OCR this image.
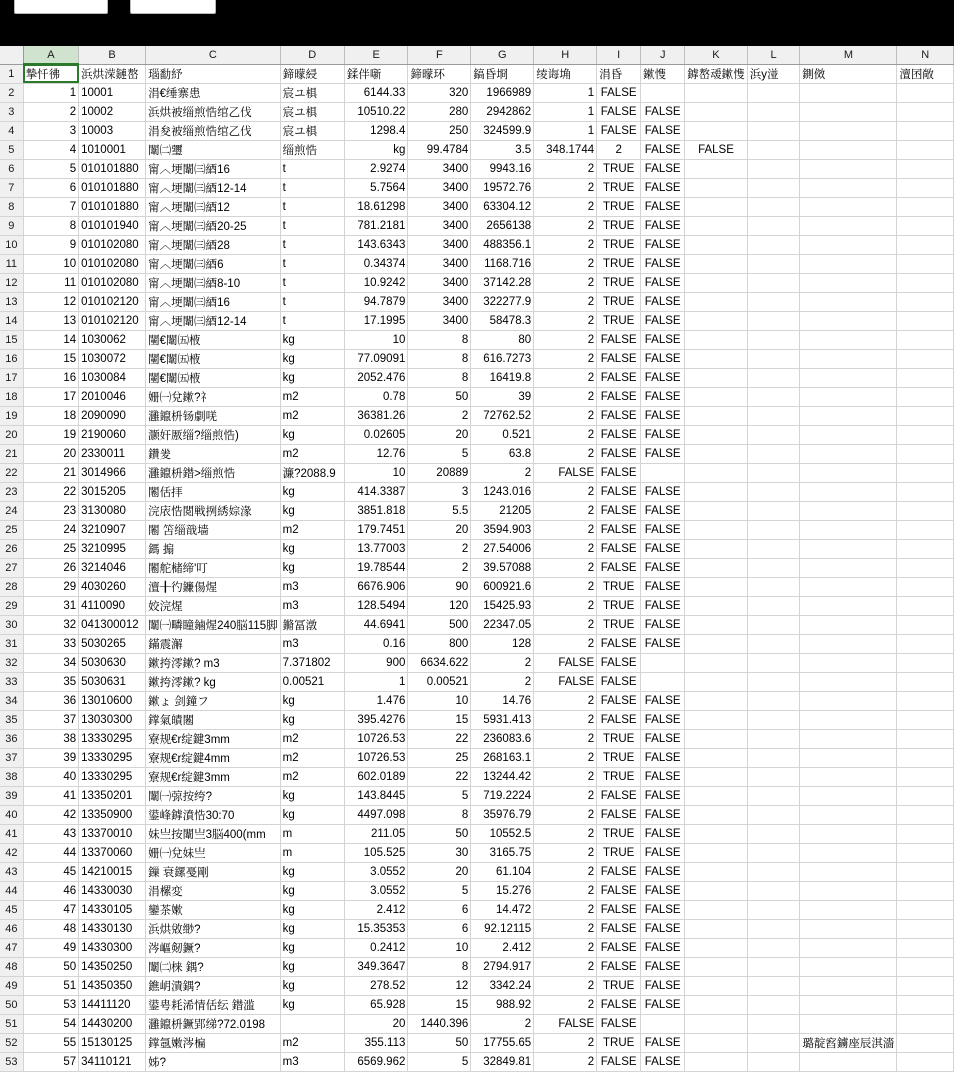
	A	B	C	D	E	F	G	H	I	J	K	L	M	N
1	摯忏彿	浜烘溁鏈嶅	瑙勫紓	鍗曚綅	鍒伴噺	鍗曚环	鎬昏埛	绫诲埆	涓昏	鏉愯	鎼嶅叆鏉愯	浜у湴	鍘傚	澶囨敞
2	1	10001	涓€缍寨患	宸ユ椇	6144.33	320	1966989	1	FALSE					
3	2	10002	浜烘被缁煎悎绾乙伐	宸ユ椇	10510.22	280	2942862	1	FALSE	FALSE				
4	3	10003	涓夋被缁煎悎绾乙伐	宸ユ椇	1298.4	250	324599.9	1	FALSE	FALSE				
5	4	1010001	闈㈡瓕	缁煎悎	kg	99.4784	3.5	348.1744	2	FALSE	FALSE			
6	5	010101880	甯︿埂闈㈢綇16	t	2.9274	3400	9943.16	2	TRUE	FALSE				
7	6	010101880	甯︿埂闈㈢綇12-14	t	5.7564	3400	19572.76	2	TRUE	FALSE				
8	7	010101880	甯︿埂闈㈢綇12	t	18.61298	3400	63304.12	2	TRUE	FALSE				
9	8	010101940	甯︿埂闈㈢綇20-25	t	781.2181	3400	2656138	2	TRUE	FALSE				
10	9	010102080	甯︿埂闈㈢綇28	t	143.6343	3400	488356.1	2	TRUE	FALSE				
11	10	010102080	甯︿埂闈㈢綇6	t	0.34374	3400	1168.716	2	TRUE	FALSE				
12	11	010102080	甯︿埂闈㈢綇8-10	t	10.9242	3400	37142.28	2	TRUE	FALSE				
13	12	010102120	甯︿埂闈㈢綇16	t	94.7879	3400	322277.9	2	TRUE	FALSE				
14	13	010102120	甯︿埂闈㈢綇12-14	t	17.1995	3400	58478.3	2	TRUE	FALSE				
15	14	1030062	闉€闈㈤棭	kg	10	8	80	2	FALSE	FALSE				
16	15	1030072	闉€闈㈤棭	kg	77.09091	8	616.7273	2	FALSE	FALSE				
17	16	1030084	闉€闈㈤棭	kg	2052.476	8	16419.8	2	FALSE	FALSE				
18	17	2010046	姗㈠兌鏉?礻	m2	0.78	50	39	2	FALSE	FALSE				
19	18	2090090	灉鑹枡钖劇唴	m2	36381.26	2	72762.52	2	FALSE	FALSE				
20	19	2190060	灏奸厫缁?缁煎悎)	kg	0.02605	20	0.521	2	FALSE	FALSE				
21	20	2330011	鑽夎	m2	12.76	5	63.8	2	FALSE	FALSE				
22	21	3014966	灉鑹枡鐟>缁煎悎	濂?2088.9	10	20889	2	FALSE	FALSE					
23	22	3015205	闂佸拝	kg	414.3387	3	1243.016	2	FALSE	FALSE				
24	23	3130080	浣庡悎閲戦挒綉婃湪	kg	3851.818	5.5	21205	2	FALSE	FALSE				
25	24	3210907	闂 笘缁戠墙	m2	179.7451	20	3594.903	2	FALSE	FALSE				
26	25	3210995	鎷 搧	kg	13.77003	2	27.54006	2	FALSE	FALSE				
27	26	3214046	闂舵槠缔'叮	kg	19.78544	2	39.57088	2	FALSE	FALSE				
28	29	4030260	澶╂彴鐮偒煋	m3	6676.906	90	600921.6	2	TRUE	FALSE				
29	31	4110090	姣浣煋	m3	128.5494	120	15425.93	2	TRUE	FALSE				
30	32	041300012	闈㈠疄瞳鏀煋240脳115脚	鏅冨潡	44.6941	500	22347.05	2	TRUE	FALSE				
31	33	5030265	鏋震澥	m3	0.16	800	128	2	FALSE	FALSE				
32	34	5030630	鏉挎澪鏉? m3	7.371802	900	6634.622	2	FALSE	FALSE					
33	35	5030631	鏉挎澪鏉? kg	0.00521	1	0.00521	2	FALSE	FALSE					
34	36	13010600	鏉ょ 剑鐘フ	kg	1.476	10	14.76	2	FALSE	FALSE				
35	37	13030300	鐣氣皟闂	kg	395.4276	15	5931.413	2	FALSE	FALSE				
36	38	13330295	寮规€r绽鍵3mm	m2	10726.53	22	236083.6	2	TRUE	FALSE				
37	39	13330295	寮规€r绽鍵4mm	m2	10726.53	25	268163.1	2	TRUE	FALSE				
38	40	13330295	寮规€r绽鍵3mm	m2	602.0189	22	13244.42	2	TRUE	FALSE				
39	41	13350201	闈㈠弶按绔?	kg	143.8445	5	719.2224	2	FALSE	FALSE				
40	42	13350900	鍙峰鎼濆悎30:70	kg	4497.098	8	35976.79	2	FALSE	FALSE				
41	43	13370010	妹亗按闈亗3脳400(mm	m	211.05	50	10552.5	2	TRUE	FALSE				
42	44	13370060	姗㈠兌妹亗	m	105.525	30	3165.75	2	TRUE	FALSE				
43	45	14210015	鏁 衰鏍戞剛	kg	3.0552	20	61.104	2	FALSE	FALSE				
44	46	14330030	涓樏変	kg	3.0552	5	15.276	2	FALSE	FALSE				
45	47	14330105	鑾茶嫰	kg	2.412	6	14.472	2	FALSE	FALSE				
46	48	14330130	浜烘敓缈?	kg	15.35353	6	92.12115	2	FALSE	FALSE				
47	49	14330300	涔嶇剱鐝?	kg	0.2412	10	2.412	2	FALSE	FALSE				
48	50	14350250	闈㈡梾 鍝?	kg	349.3647	8	2794.917	2	FALSE	FALSE				
49	51	14350350	鐎岄潰鍝?	kg	278.52	12	3342.24	2	TRUE	FALSE				
50	53	14411120	鍙甹耗浠情佸纭 鐟滥	kg	65.928	15	988.92	2	FALSE	FALSE				
51	54	14430200	灉鑹枡鐝郢绨?72.0198		20	1440.396	2	FALSE	FALSE					
52	55	15130125	鐣氬嫩涔楄	m2	355.113	50	17755.65	2	TRUE	FALSE			璐靛窞鐪座辰淇濇	
53	57	34110121	姊?	m3	6569.962	5	32849.81	2	FALSE	FALSE				
